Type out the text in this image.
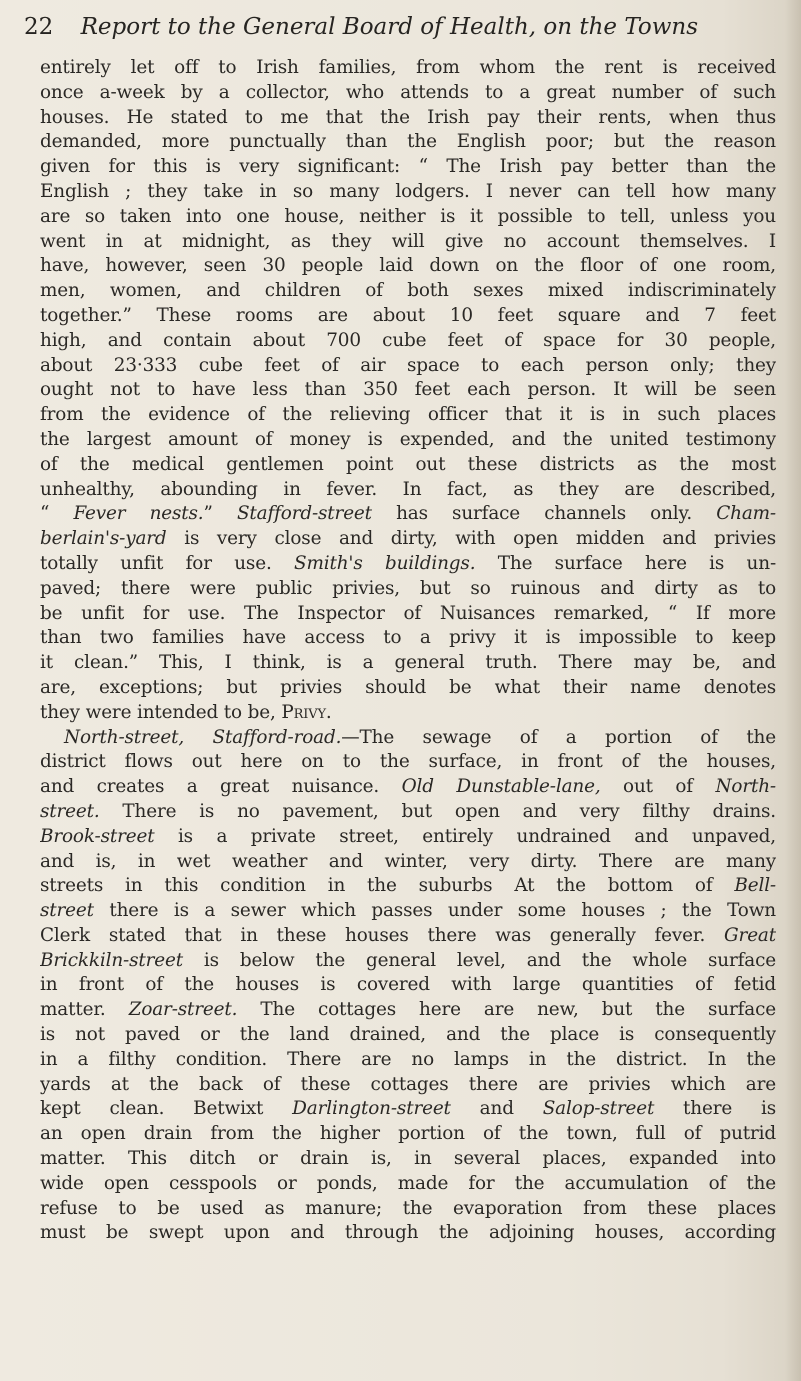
22 Report to the General Board of Health, on the Towns
entirely let off to Irish families, from whom the rent is received
once a-week by a collector, who attends to a great number of such
houses. He stated to me that the Irish pay their rents, when thus
demanded, more punctually than the English poor; but the reason
given for this is very significant: “ The Irish pay better than the
English ; they take in so many lodgers. I never can tell how many
are so taken into one house, neither is it possible to tell, unless you
went in at midnight, as they will give no account themselves. I
have, however, seen 30 people laid down on the floor of one room,
men, women, and children of both sexes mixed indiscriminately
together.” These rooms are about 10 feet square and 7 feet
high, and contain about 700 cube feet of space for 30 people,
about 23·333 cube feet of air space to each person only; they
ought not to have less than 350 feet each person. It will be seen
from the evidence of the relieving officer that it is in such places
the largest amount of money is expended, and the united testimony
of the medical gentlemen point out these districts as the most
unhealthy, abounding in fever. In fact, as they are described,
“ Fever nests.” Stafford-street has surface channels only. Cham-
berlain's-yard is very close and dirty, with open midden and privies
totally unfit for use. Smith's buildings. The surface here is un-
paved; there were public privies, but so ruinous and dirty as to
be unfit for use. The Inspector of Nuisances remarked, “ If more
than two families have access to a privy it is impossible to keep
it clean.” This, I think, is a general truth. There may be, and
are, exceptions; but privies should be what their name denotes
they were intended to be, Privy.
North-street, Stafford-road.—The sewage of a portion of the
district flows out here on to the surface, in front of the houses,
and creates a great nuisance. Old Dunstable-lane, out of North-
street. There is no pavement, but open and very filthy drains.
Brook-street is a private street, entirely undrained and unpaved,
and is, in wet weather and winter, very dirty. There are many
streets in this condition in the suburbs At the bottom of Bell-
street there is a sewer which passes under some houses ; the Town
Clerk stated that in these houses there was generally fever. Great
Brickkiln-street is below the general level, and the whole surface
in front of the houses is covered with large quantities of fetid
matter. Zoar-street. The cottages here are new, but the surface
is not paved or the land drained, and the place is consequently
in a filthy condition. There are no lamps in the district. In the
yards at the back of these cottages there are privies which are
kept clean. Betwixt Darlington-street and Salop-street there is
an open drain from the higher portion of the town, full of putrid
matter. This ditch or drain is, in several places, expanded into
wide open cesspools or ponds, made for the accumulation of the
refuse to be used as manure; the evaporation from these places
must be swept upon and through the adjoining houses, according
